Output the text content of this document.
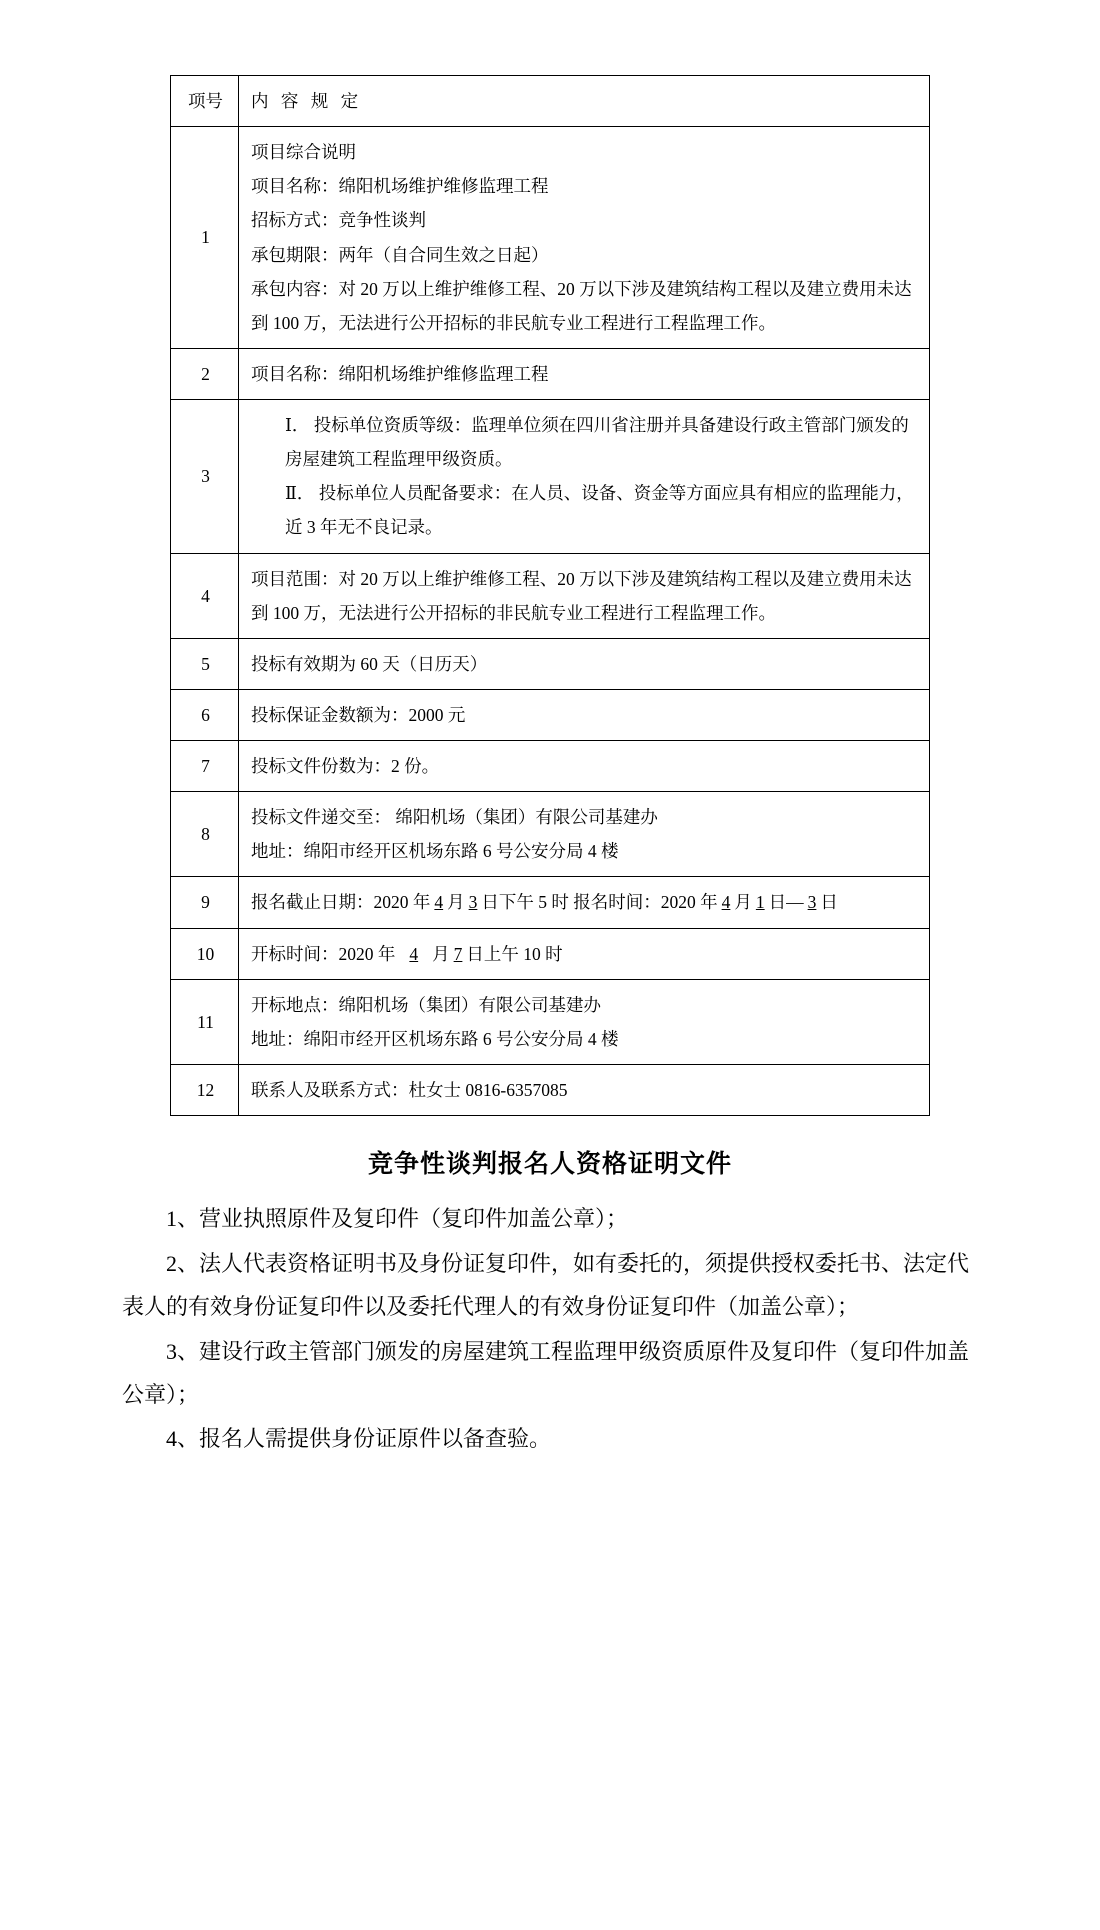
项号	内 容 规 定
1	项目综合说明
项目名称：绵阳机场维护维修监理工程
招标方式：竞争性谈判
承包期限：两年（自合同生效之日起）
承包内容：对 20 万以上维护维修工程、20 万以下涉及建筑结构工程以及建立费用未达到 100 万，无法进行公开招标的非民航专业工程进行工程监理工作。

2	项目名称：绵阳机场维护维修监理工程

3	Ⅰ． 投标单位资质等级：监理单位须在四川省注册并具备建设行政主管部门颁发的房屋建筑工程监理甲级资质。 Ⅱ． 投标单位人员配备要求：在人员、设备、资金等方面应具有相应的监理能力，近 3 年无不良记录。
4	项目范围：对 20 万以上维护维修工程、20 万以下涉及建筑结构工程以及建立费用未达到 100 万，无法进行公开招标的非民航专业工程进行工程监理工作。

5	投标有效期为 60 天（日历天）

6	投标保证金数额为：2000 元

7	投标文件份数为：2 份。

8	投标文件递交至： 绵阳机场（集团）有限公司基建办
地址：绵阳市经开区机场东路 6 号公安分局 4 楼

9	报名截止日期：2020 年 4 月 3 日下午 5 时 报名时间：2020 年 4 月 1 日— 3 日

10	开标时间：2020 年 4 月 7 日上午 10 时

11	开标地点：绵阳机场（集团）有限公司基建办
地址：绵阳市经开区机场东路 6 号公安分局 4 楼

12	联系人及联系方式：杜女士 0816-6357085
竞争性谈判报名人资格证明文件

1、营业执照原件及复印件（复印件加盖公章）；

2、法人代表资格证明书及身份证复印件，如有委托的，须提供授权委托书、法定代表人的有效身份证复印件以及委托代理人的有效身份证复印件（加盖公章）；

3、建设行政主管部门颁发的房屋建筑工程监理甲级资质原件及复印件（复印件加盖公章）；

4、报名人需提供身份证原件以备查验。
